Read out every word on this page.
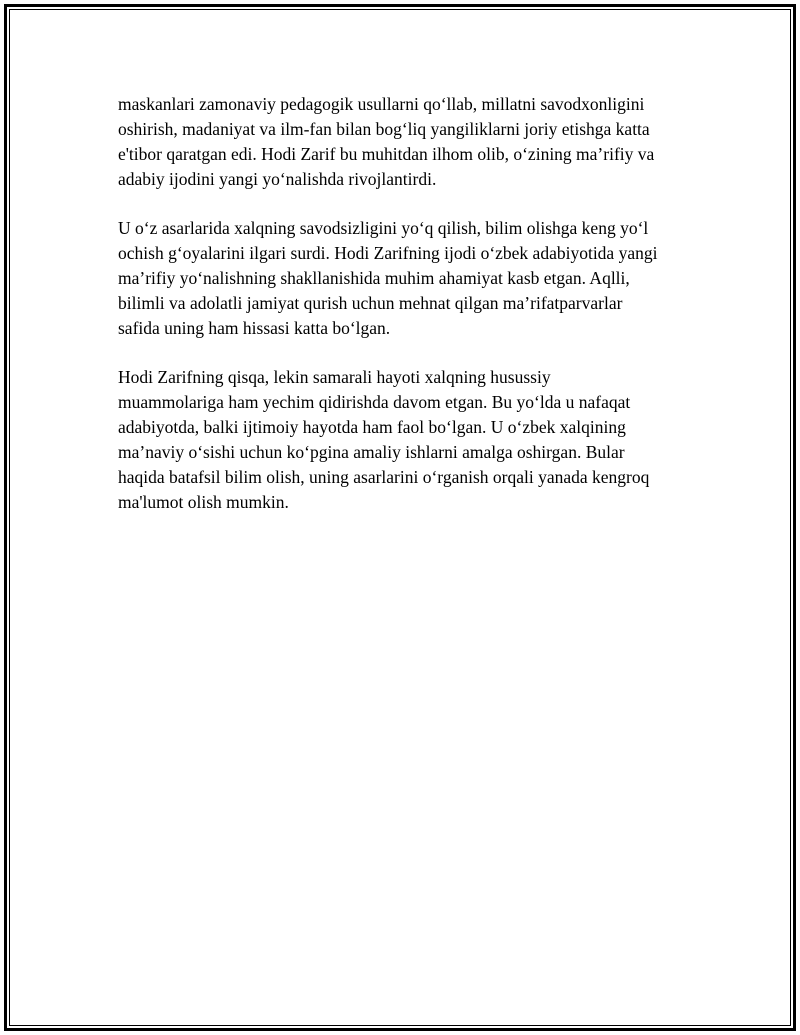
maskanlari zamonaviy pedagogik usullarni qo‘llab, millatni savodxonligini
oshirish, madaniyat va ilm-fan bilan bog‘liq yangiliklarni joriy etishga katta
e'tibor qaratgan edi. Hodi Zarif bu muhitdan ilhom olib, o‘zining ma’rifiy va
adabiy ijodini yangi yo‘nalishda rivojlantirdi.

U o‘z asarlarida xalqning savodsizligini yo‘q qilish, bilim olishga keng yo‘l
ochish g‘oyalarini ilgari surdi. Hodi Zarifning ijodi o‘zbek adabiyotida yangi
ma’rifiy yo‘nalishning shakllanishida muhim ahamiyat kasb etgan. Aqlli,
bilimli va adolatli jamiyat qurish uchun mehnat qilgan ma’rifatparvarlar
safida uning ham hissasi katta bo‘lgan.

Hodi Zarifning qisqa, lekin samarali hayoti xalqning husussiy
muammolariga ham yechim qidirishda davom etgan. Bu yo‘lda u nafaqat
adabiyotda, balki ijtimoiy hayotda ham faol bo‘lgan. U o‘zbek xalqining
ma’naviy o‘sishi uchun ko‘pgina amaliy ishlarni amalga oshirgan. Bular
haqida batafsil bilim olish, uning asarlarini o‘rganish orqali yanada kengroq
ma'lumot olish mumkin.
